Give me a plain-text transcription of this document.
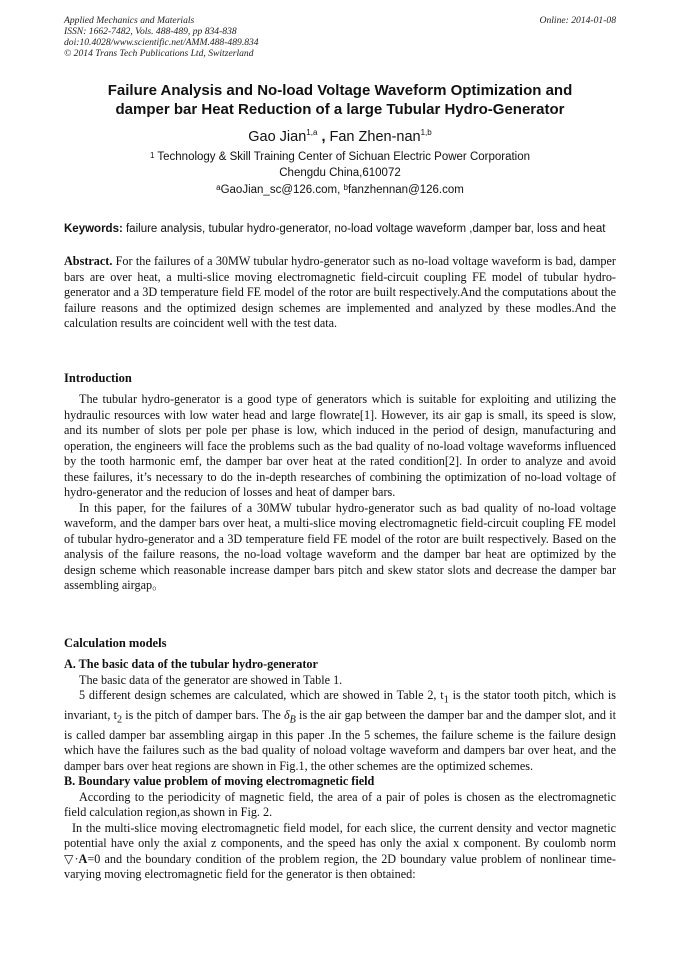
Applied Mechanics and Materials
ISSN: 1662-7482, Vols. 488-489, pp 834-838
doi:10.4028/www.scientific.net/AMM.488-489.834
© 2014 Trans Tech Publications Ltd, Switzerland
Online: 2014-01-08
Failure Analysis and No-load Voltage Waveform Optimization and
damper bar Heat Reduction of a large Tubular Hydro-Generator
Gao Jian$^{1,a}$ , Fan Zhen-nan$^{1,b}$
$^1$ Technology & Skill Training Center of Sichuan Electric Power Corporation
Chengdu China,610072
$^a$GaoJian_sc@126.com, $^b$fanzhennan@126.com
Keywords: failure analysis, tubular hydro-generator, no-load voltage waveform ,damper bar, loss and heat

Abstract. For the failures of a 30MW tubular hydro-generator such as no-load voltage waveform is bad, damper bars are over heat, a multi-slice moving electromagnetic field-circuit coupling FE model of tubular hydro-generator and a 3D temperature field FE model of the rotor are built respectively.And the computations about the failure reasons and the optimized design schemes are implemented and analyzed by these modles.And the calculation results are coincident well with the test data.

Introduction

The tubular hydro-generator is a good type of generators which is suitable for exploiting and utilizing the hydraulic resources with low water head and large flowrate[1]. However, its air gap is small, its speed is slow, and its number of slots per pole per phase is low, which induced in the period of design, manufacturing and operation, the engineers will face the problems such as the bad quality of no-load voltage waveforms influenced by the tooth harmonic emf, the damper bar over heat at the rated condition[2]. In order to analyze and avoid these failures, it’s necessary to do the in-depth researches of combining the optimization of no-load voltage of hydro-generator and the reducion of losses and heat of damper bars.

In this paper, for the failures of a 30MW tubular hydro-generator such as bad quality of no-load voltage waveform, and the damper bars over heat, a multi-slice moving electromagnetic field-circuit coupling FE model of tubular hydro-generator and a 3D temperature field FE model of the rotor are built respectively. Based on the analysis of the failure reasons, the no-load voltage waveform and the damper bar heat are optimized by the design scheme which reasonable increase damper bars pitch and skew stator slots and decrease the damper bar assembling airgap。

Calculation models

A. The basic data of the tubular hydro-generator

The basic data of the generator are showed in Table 1.

5 different design schemes are calculated, which are showed in Table 2, $t_1$ is the stator tooth pitch, which is invariant, $t_2$ is the pitch of damper bars. The $\delta_B$ is the air gap between the damper bar and the damper slot, and it is called damper bar assembling airgap in this paper .In the 5 schemes, the failure scheme is the failure design which have the failures such as the bad quality of noload voltage waveform and dampers bar over heat, and the damper bars over heat regions are shown in Fig.1, the other schemes are the optimized schemes.

B. Boundary value problem of moving electromagnetic field

According to the periodicity of magnetic field, the area of a pair of poles is chosen as the electromagnetic field calculation region,as shown in Fig. 2.

In the multi-slice moving electromagnetic field model, for each slice, the current density and vector magnetic potential have only the axial z components, and the speed has only the axial x component. By coulomb norm ▽·A=0 and the boundary condition of the problem region, the 2D boundary value problem of nonlinear time-varying moving electromagnetic field for the generator is then obtained:
